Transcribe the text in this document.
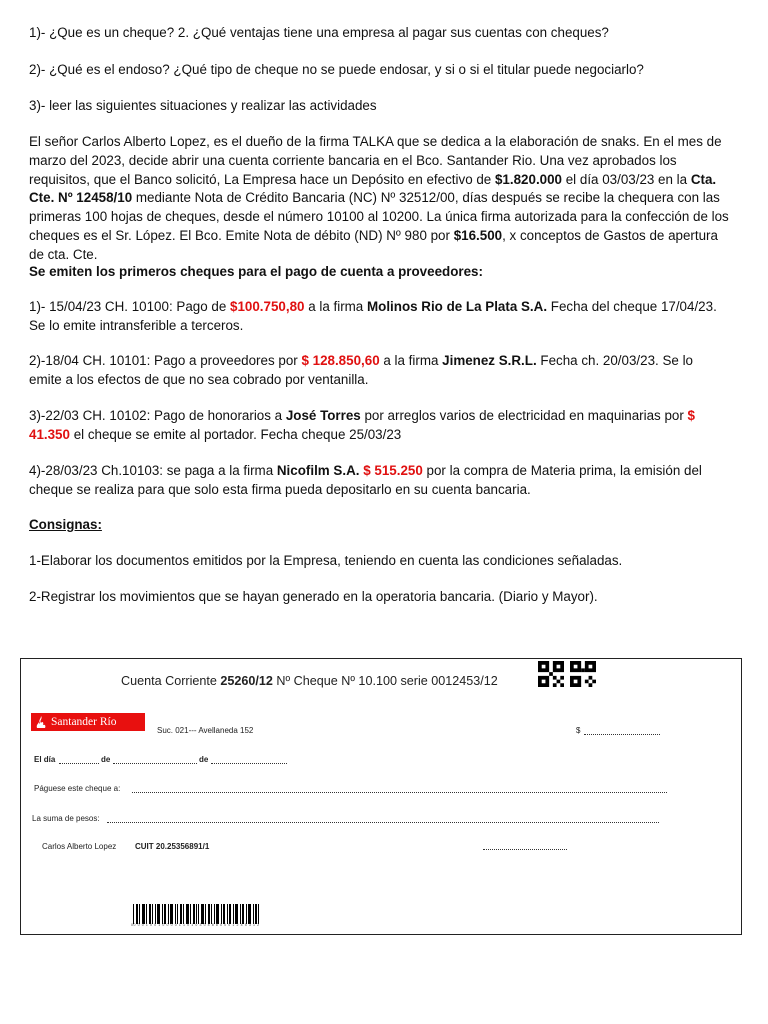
1)- ¿Que es un cheque? 2. ¿Qué ventajas tiene una empresa al pagar sus cuentas con cheques?

2)- ¿Qué es el endoso? ¿Qué tipo de cheque no se puede endosar, y si o si el titular puede negociarlo?

3)- leer las siguientes situaciones y realizar las actividades

El señor Carlos Alberto Lopez, es el dueño de la firma TALKA que se dedica a la elaboración de snaks. En el mes de marzo del 2023, decide abrir una cuenta corriente bancaria en el Bco. Santander Rio. Una vez aprobados los requisitos, que el Banco solicitó, La Empresa hace un Depósito en efectivo de $1.820.000 el día 03/03/23 en la Cta. Cte. Nº 12458/10 mediante Nota de Crédito Bancaria (NC) Nº 32512/00, días después se recibe la chequera con las primeras 100 hojas de cheques, desde el número 10100 al 10200. La única firma autorizada para la confección de los cheques es el Sr. López. El Bco. Emite Nota de débito (ND) Nº 980 por $16.500, x conceptos de Gastos de apertura de cta. Cte.

Se emiten los primeros cheques para el pago de cuenta a proveedores:

1)- 15/04/23 CH. 10100: Pago de $100.750,80 a la firma Molinos Rio de La Plata S.A. Fecha del cheque 17/04/23. Se lo emite intransferible a terceros.

2)-18/04 CH. 10101: Pago a proveedores por $ 128.850,60 a la firma Jimenez S.R.L. Fecha ch. 20/03/23. Se lo emite a los efectos de que no sea cobrado por ventanilla.

3)-22/03 CH. 10102: Pago de honorarios a José Torres por arreglos varios de electricidad en maquinarias por $ 41.350 el cheque se emite al portador. Fecha cheque 25/03/23

4)-28/03/23 Ch.10103: se paga a la firma Nicofilm S.A. $ 515.250 por la compra de Materia prima, la emisión del cheque se realiza para que solo esta firma pueda depositarlo en su cuenta bancaria.

Consignas:

1-Elaborar los documentos emitidos por la Empresa, teniendo en cuenta las condiciones señaladas.

2-Registrar los movimientos que se hayan generado en la operatoria bancaria. (Diario y Mayor).

Cuenta Corriente 25260/12 Nº Cheque Nº 10.100 serie 0012453/12
Santander Río
Suc. 021--- Avellaneda 152	$
El día	de	de
Páguese este cheque a:
La suma de pesos:
Carlos Alberto Lopez CUIT 20.25356891/1
00 0 0 1 0 0 1 0 0 0 0 1 1 0 1 0 3 0 4 8 8 0 0 0 1 2 4 5 3 1 2
